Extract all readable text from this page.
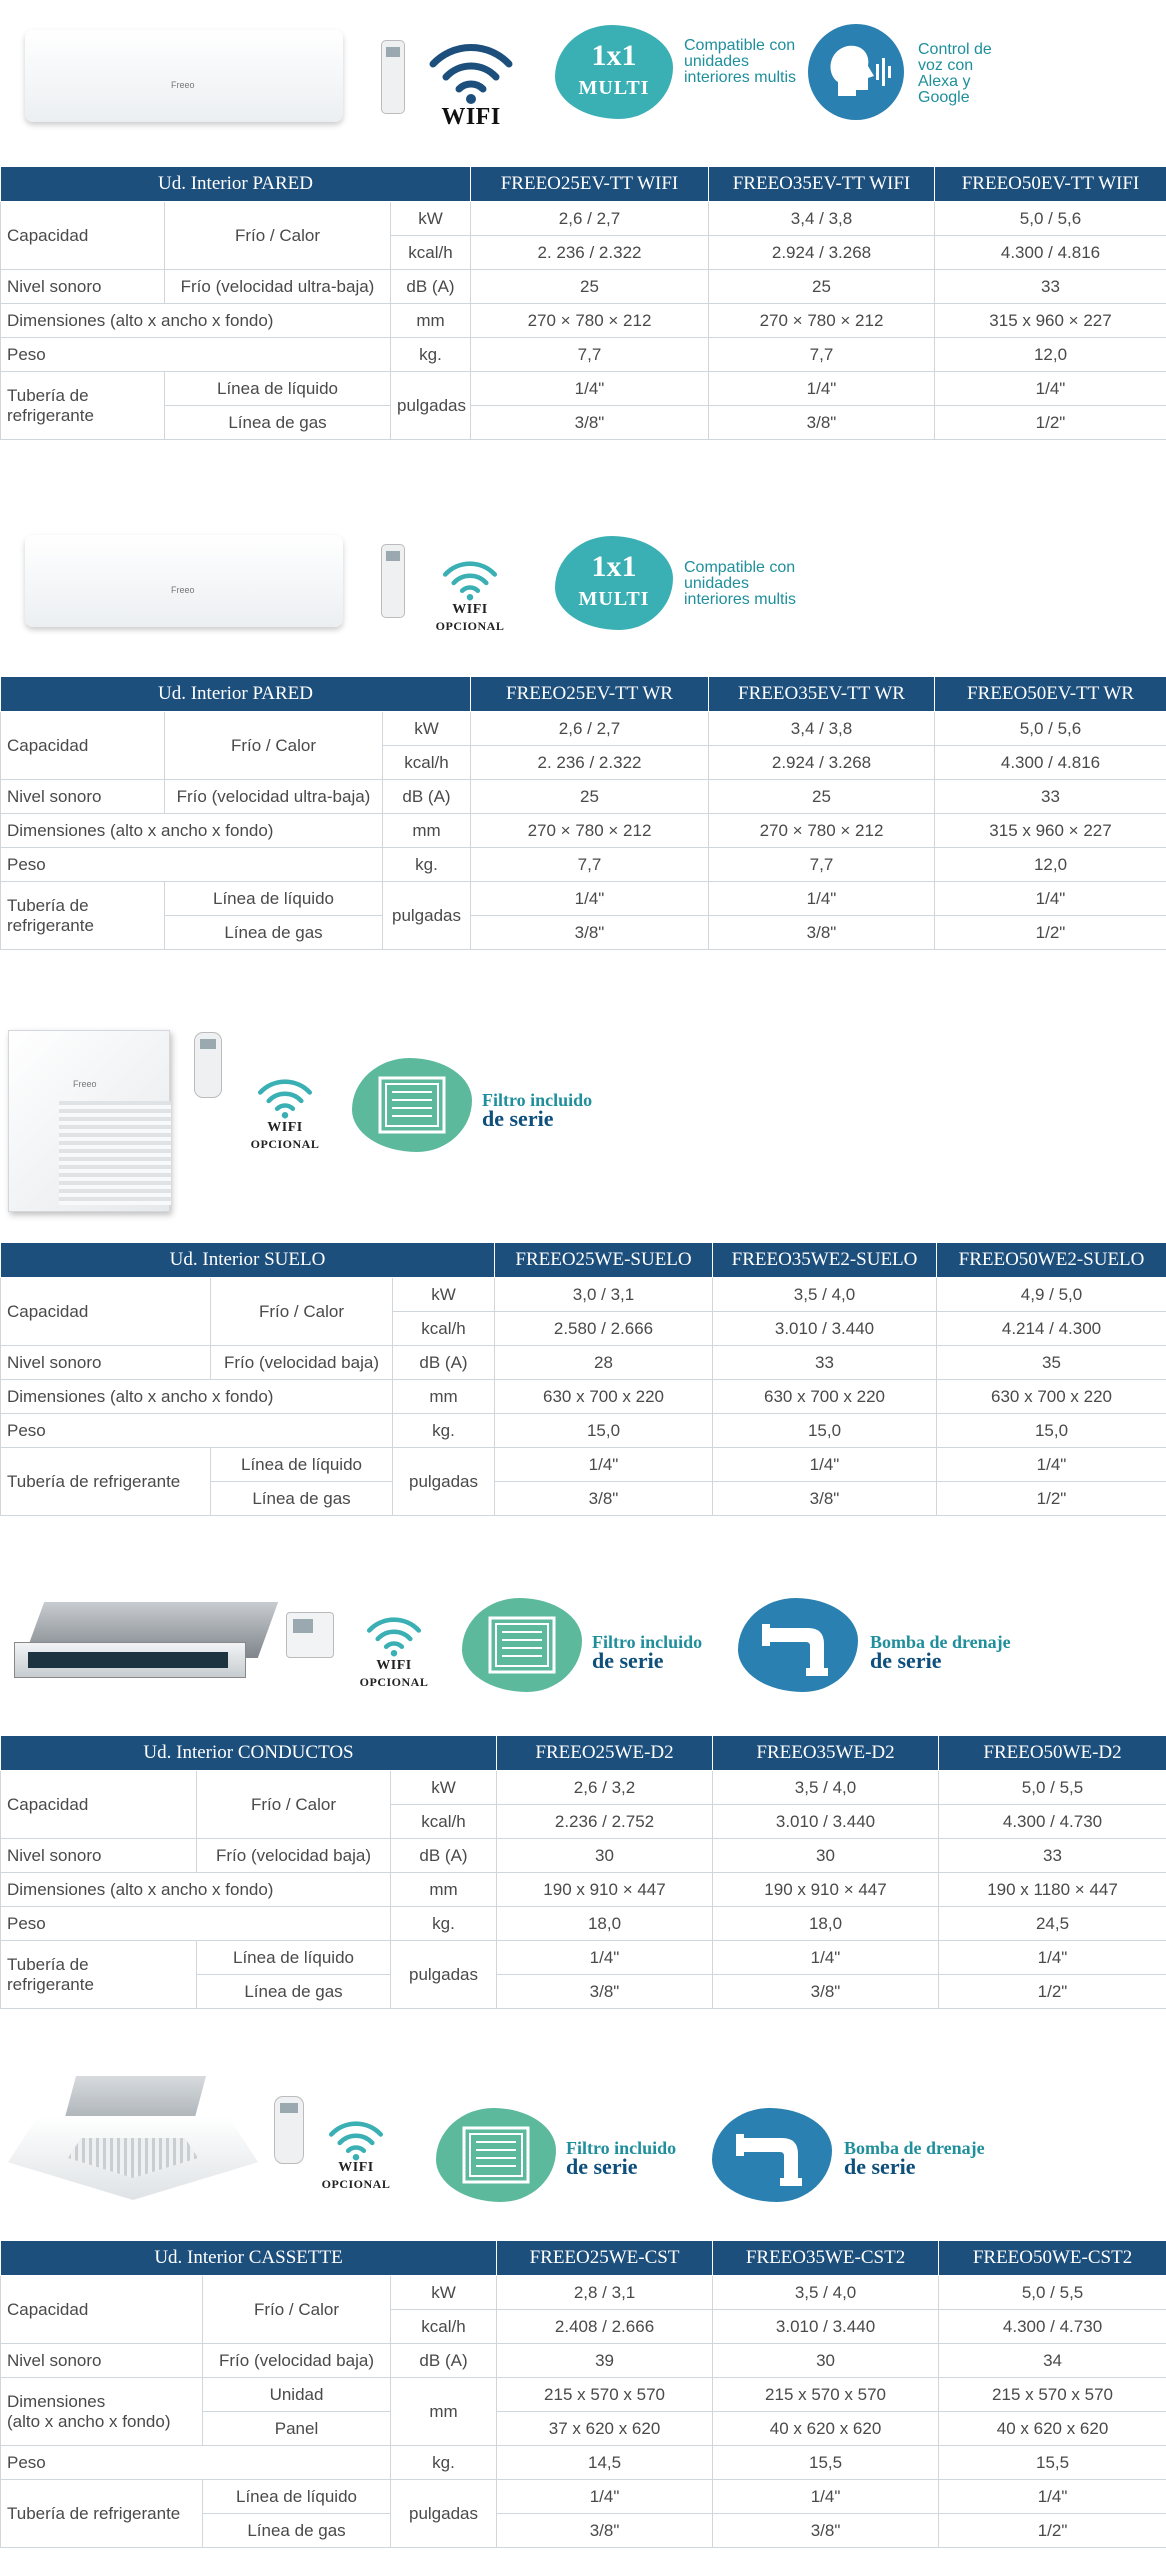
Freeo
WIFI
1x1
MULTI
Compatible con unidades interiores multis
Control de voz con Alexa y Google
Ud. Interior PARED			FREEO25EV-TT WIFI	FREEO35EV-TT WIFI	FREEO50EV-TT WIFI
Capacidad	Frío / Calor	kW	2,6 / 2,7	3,4 / 3,8	5,0 / 5,6
		kcal/h	2. 236 / 2.322	2.924 / 3.268	4.300 / 4.816
Nivel sonoro	Frío (velocidad ultra-baja)	dB (A)	25	25	33
Dimensiones (alto x ancho x fondo)		mm	270 × 780 × 212	270 × 780 × 212	315 x 960 × 227
Peso		kg.	7,7	7,7	12,0
Tubería de
refrigerante	Línea de líquido	pulgadas	1/4"	1/4"	1/4"
	Línea de gas		3/8"	3/8"	1/2"
Freeo
WIFI
OPCIONAL
1x1
MULTI
Compatible con unidades interiores multis
Ud. Interior PARED			FREEO25EV-TT WR	FREEO35EV-TT WR	FREEO50EV-TT WR
Capacidad	Frío / Calor	kW	2,6 / 2,7	3,4 / 3,8	5,0 / 5,6
		kcal/h	2. 236 / 2.322	2.924 / 3.268	4.300 / 4.816
Nivel sonoro	Frío (velocidad ultra-baja)	dB (A)	25	25	33
Dimensiones (alto x ancho x fondo)		mm	270 × 780 × 212	270 × 780 × 212	315 x 960 × 227
Peso		kg.	7,7	7,7	12,0
Tubería de
refrigerante	Línea de líquido	pulgadas	1/4"	1/4"	1/4"
	Línea de gas		3/8"	3/8"	1/2"
Freeo
WIFI
OPCIONAL
Filtro incluido
de serie
Ud. Interior SUELO			FREEO25WE-SUELO	FREEO35WE2-SUELO	FREEO50WE2-SUELO
Capacidad	Frío / Calor	kW	3,0 / 3,1	3,5 / 4,0	4,9 / 5,0
		kcal/h	2.580 / 2.666	3.010 / 3.440	4.214 / 4.300
Nivel sonoro	Frío (velocidad baja)	dB (A)	28	33	35
Dimensiones (alto x ancho x fondo)		mm	630 x 700 x 220	630 x 700 x 220	630 x 700 x 220
Peso		kg.	15,0	15,0	15,0
Tubería de refrigerante	Línea de líquido	pulgadas	1/4"	1/4"	1/4"
	Línea de gas		3/8"	3/8"	1/2"
WIFI
OPCIONAL
Filtro incluido
de serie
Bomba de drenaje
de serie
Ud. Interior CONDUCTOS			FREEO25WE-D2	FREEO35WE-D2	FREEO50WE-D2
Capacidad	Frío / Calor	kW	2,6 / 3,2	3,5 / 4,0	5,0 / 5,5
		kcal/h	2.236 / 2.752	3.010 / 3.440	4.300 / 4.730
Nivel sonoro	Frío (velocidad baja)	dB (A)	30	30	33
Dimensiones (alto x ancho x fondo)		mm	190 x 910 × 447	190 x 910 × 447	190 x 1180 × 447
Peso		kg.	18,0	18,0	24,5
Tubería de
refrigerante	Línea de líquido	pulgadas	1/4"	1/4"	1/4"
	Línea de gas		3/8"	3/8"	1/2"
WIFI
OPCIONAL
Filtro incluido
de serie
Bomba de drenaje
de serie
Ud. Interior CASSETTE			FREEO25WE-CST	FREEO35WE-CST2	FREEO50WE-CST2
Capacidad	Frío / Calor	kW	2,8 / 3,1	3,5 / 4,0	5,0 / 5,5
		kcal/h	2.408 / 2.666	3.010 / 3.440	4.300 / 4.730
Nivel sonoro	Frío (velocidad baja)	dB (A)	39	30	34
Dimensiones
(alto x ancho x fondo)	Unidad	mm	215 x 570 x 570	215 x 570 x 570	215 x 570 x 570
	Panel		37 x 620 x 620	40 x 620 x 620	40 x 620 x 620
Peso		kg.	14,5	15,5	15,5
Tubería de refrigerante	Línea de líquido	pulgadas	1/4"	1/4"	1/4"
	Línea de gas		3/8"	3/8"	1/2"
